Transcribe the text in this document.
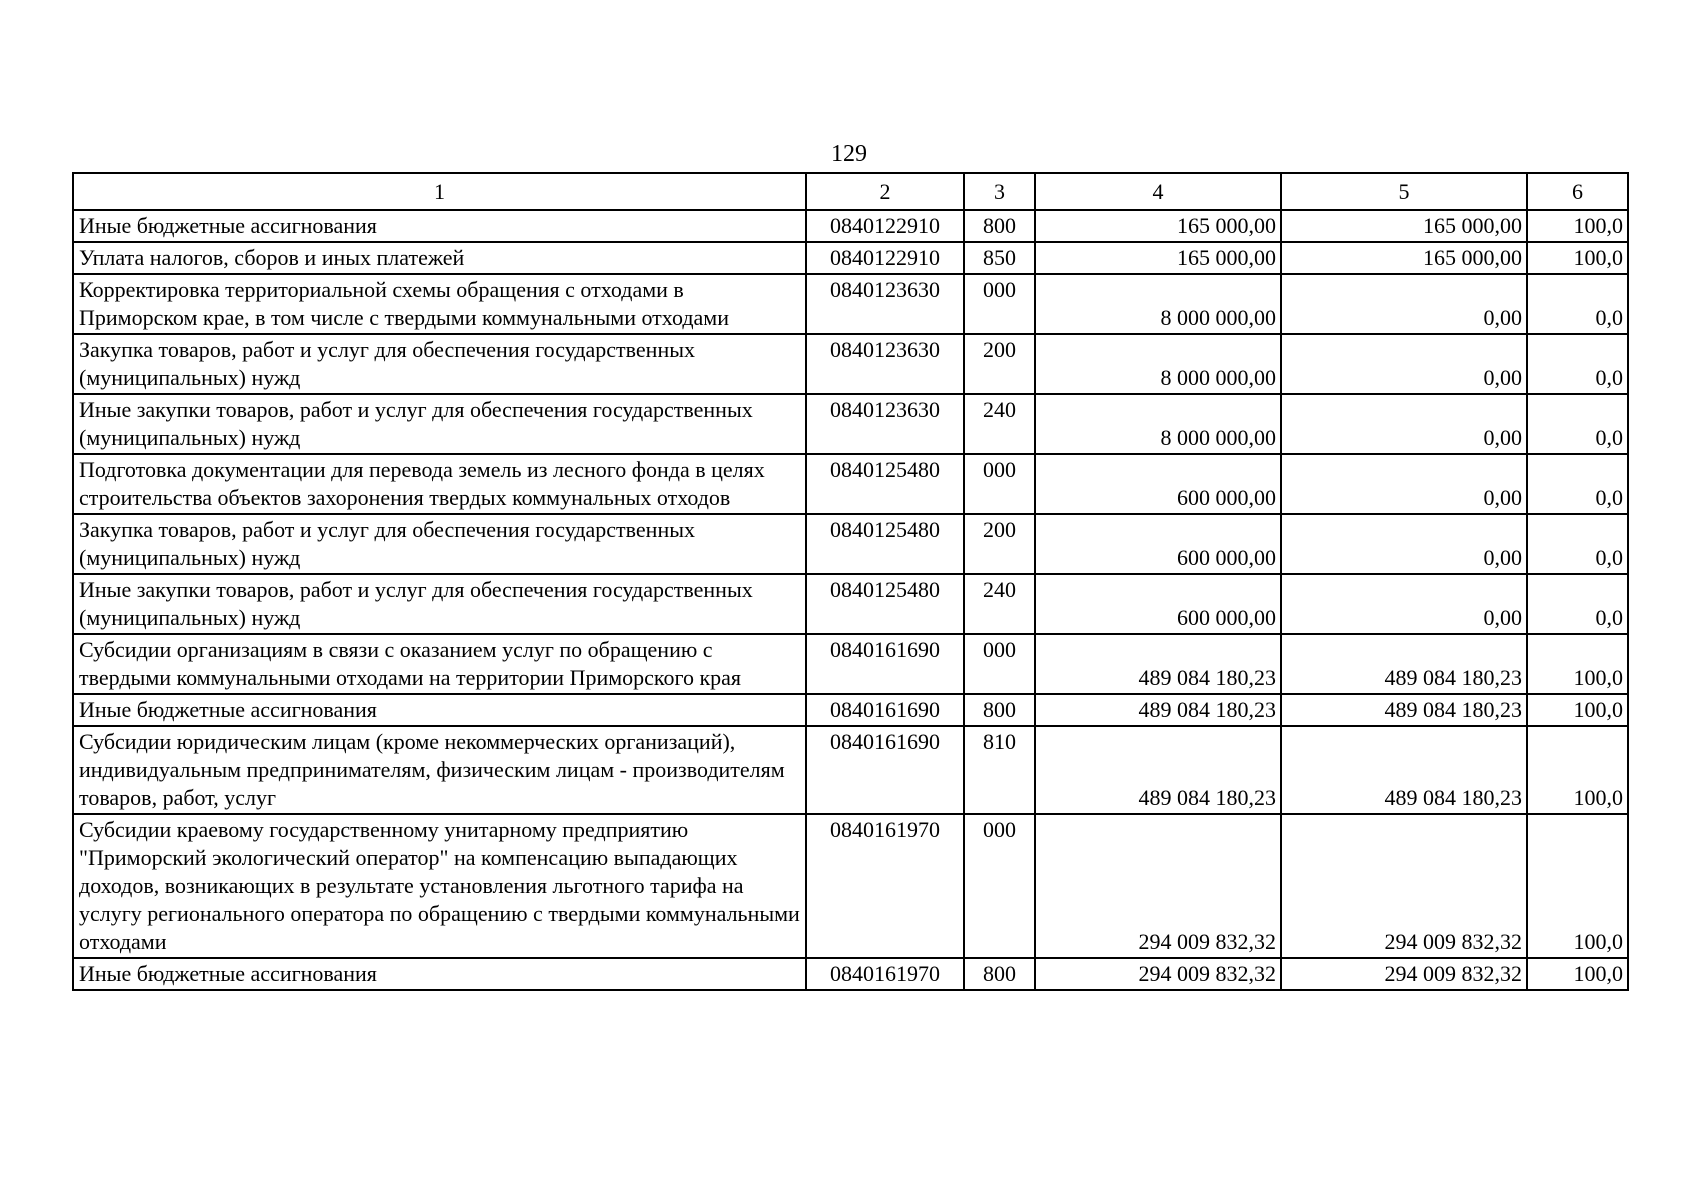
129
1	2	3	4	5	6
Иные бюджетные ассигнования	0840122910	800	165 000,00	165 000,00	100,0
Уплата налогов, сборов и иных платежей	0840122910	850	165 000,00	165 000,00	100,0
Корректировка территориальной схемы обращения с отходами в Приморском крае, в том числе с твердыми коммунальными отходами	0840123630	000	8 000 000,00	0,00	0,0
Закупка товаров, работ и услуг для обеспечения государственных (муниципальных) нужд	0840123630	200	8 000 000,00	0,00	0,0
Иные закупки товаров, работ и услуг для обеспечения государственных (муниципальных) нужд	0840123630	240	8 000 000,00	0,00	0,0
Подготовка документации для перевода земель из лесного фонда в целях строительства объектов захоронения твердых коммунальных отходов	0840125480	000	600 000,00	0,00	0,0
Закупка товаров, работ и услуг для обеспечения государственных (муниципальных) нужд	0840125480	200	600 000,00	0,00	0,0
Иные закупки товаров, работ и услуг для обеспечения государственных (муниципальных) нужд	0840125480	240	600 000,00	0,00	0,0
Субсидии организациям в связи с оказанием услуг по обращению с твердыми коммунальными отходами на территории Приморского края	0840161690	000	489 084 180,23	489 084 180,23	100,0
Иные бюджетные ассигнования	0840161690	800	489 084 180,23	489 084 180,23	100,0
Субсидии юридическим лицам (кроме некоммерческих организаций), индивидуальным предпринимателям, физическим лицам - производителям товаров, работ, услуг	0840161690	810	489 084 180,23	489 084 180,23	100,0
Субсидии краевому государственному унитарному предприятию "Приморский экологический оператор" на компенсацию выпадающих доходов, возникающих в результате установления льготного тарифа на услугу регионального оператора по обращению с твердыми коммунальными отходами	0840161970	000	294 009 832,32	294 009 832,32	100,0
Иные бюджетные ассигнования	0840161970	800	294 009 832,32	294 009 832,32	100,0
